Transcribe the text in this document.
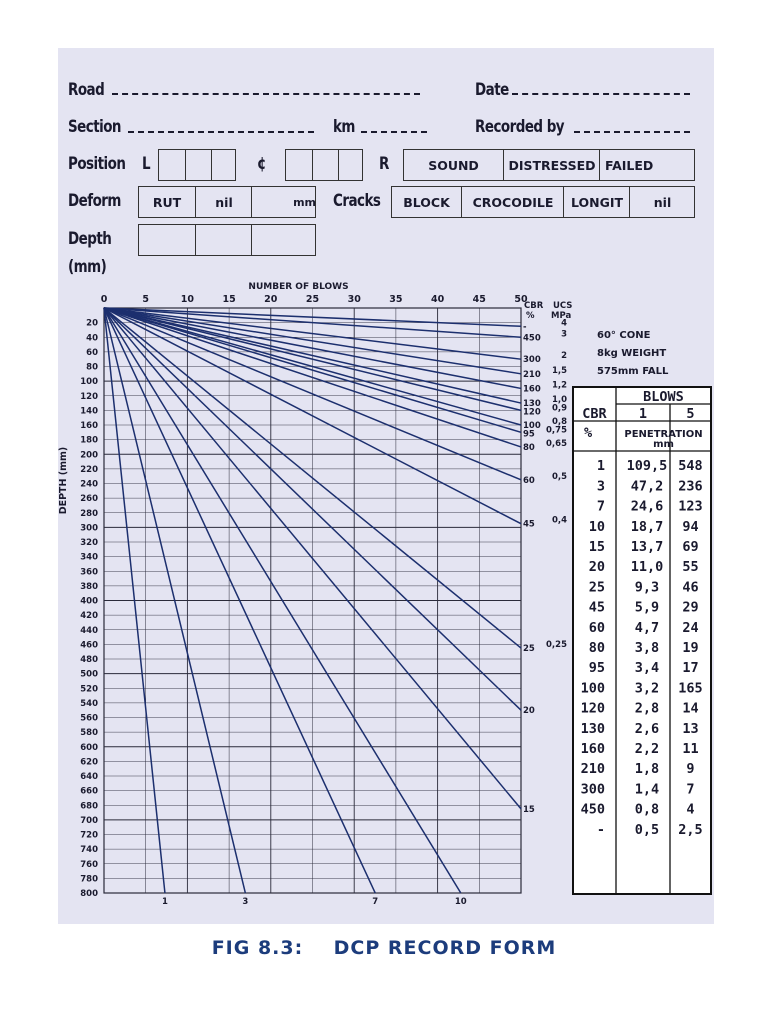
Road	Date
Section	km	Recorded by
Position L	¢	R	SOUND	DISTRESSED FAILED
Deform	RUT	nil	mm Cracks	BLOCK	CROCODILE	LONGIT	nil
Depth
(mm)
0	5	10	15	20	25	30	35	40	45	50
20
40
60
80
100
120
140
160
180
200
220
240
260
280
300
320
340
360
380
400
420
440
460
480
500
520
540
560
580
600
620
640
660
680
700
720
740
760
780
800
NUMBER OF BLOWS
DEPTH (mm)
CBR
%
UCS
MPa
-	4
450 3
300 2
210 1,5
160 1,2
130 1,0
120 0,9
100 0,8
95 0,75
80 0,65
60 0,5
45 0,4
25 0,25
20
15
10
7
3
1
60° CONE
8kg WEIGHT
575mm FALL
BLOWS
CBR 1	5
%	PENETRATION
mm
1 109,5 548
3 47,2 236
7 24,6 123
10 18,7 94
15 13,7 69
20 11,0 55
25 9,3 46
45 5,9 29
60 4,7 24
80 3,8 19
95 3,4 17
100 3,2 165
120 2,8 14
130 2,6 13
160 2,2 11
210 1,8 9
300 1,4 7
450 0,8 4
- 0,5 2,5
FIG 8.3:    DCP RECORD FORM
